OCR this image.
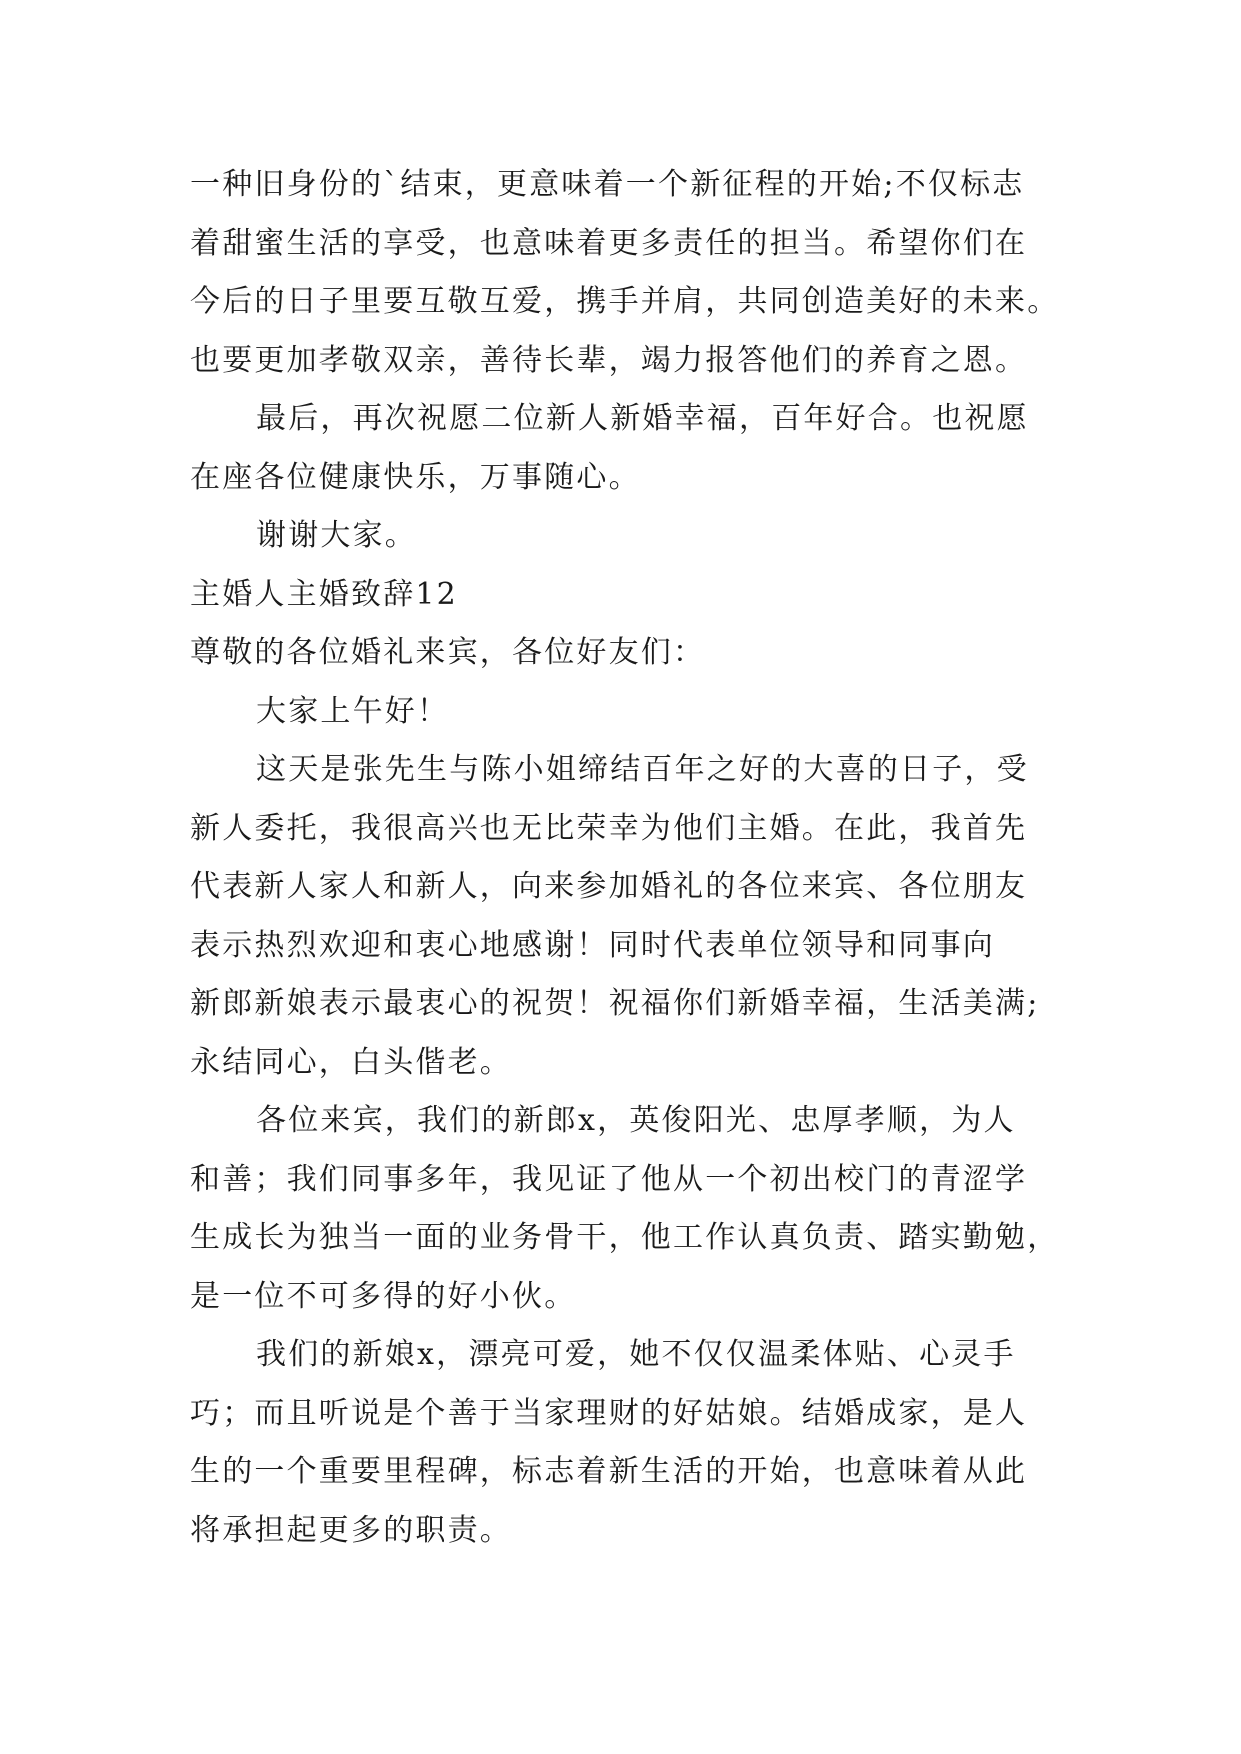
一种旧身份的`结束，更意味着一个新征程的开始;不仅标志
着甜蜜生活的享受，也意味着更多责任的担当。希望你们在
今后的日子里要互敬互爱，携手并肩，共同创造美好的未来。
也要更加孝敬双亲，善待长辈，竭力报答他们的养育之恩。
最后，再次祝愿二位新人新婚幸福，百年好合。也祝愿
在座各位健康快乐，万事随心。
谢谢大家。
主婚人主婚致辞12
尊敬的各位婚礼来宾，各位好友们：
大家上午好！
这天是张先生与陈小姐缔结百年之好的大喜的日子，受
新人委托，我很高兴也无比荣幸为他们主婚。在此，我首先
代表新人家人和新人，向来参加婚礼的各位来宾、各位朋友
表示热烈欢迎和衷心地感谢！同时代表单位领导和同事向
新郎新娘表示最衷心的祝贺！祝福你们新婚幸福，生活美满;
永结同心，白头偕老。
各位来宾，我们的新郎x，英俊阳光、忠厚孝顺，为人
和善；我们同事多年，我见证了他从一个初出校门的青涩学
生成长为独当一面的业务骨干，他工作认真负责、踏实勤勉，
是一位不可多得的好小伙。
我们的新娘x，漂亮可爱，她不仅仅温柔体贴、心灵手
巧；而且听说是个善于当家理财的好姑娘。结婚成家，是人
生的一个重要里程碑，标志着新生活的开始，也意味着从此
将承担起更多的职责。
